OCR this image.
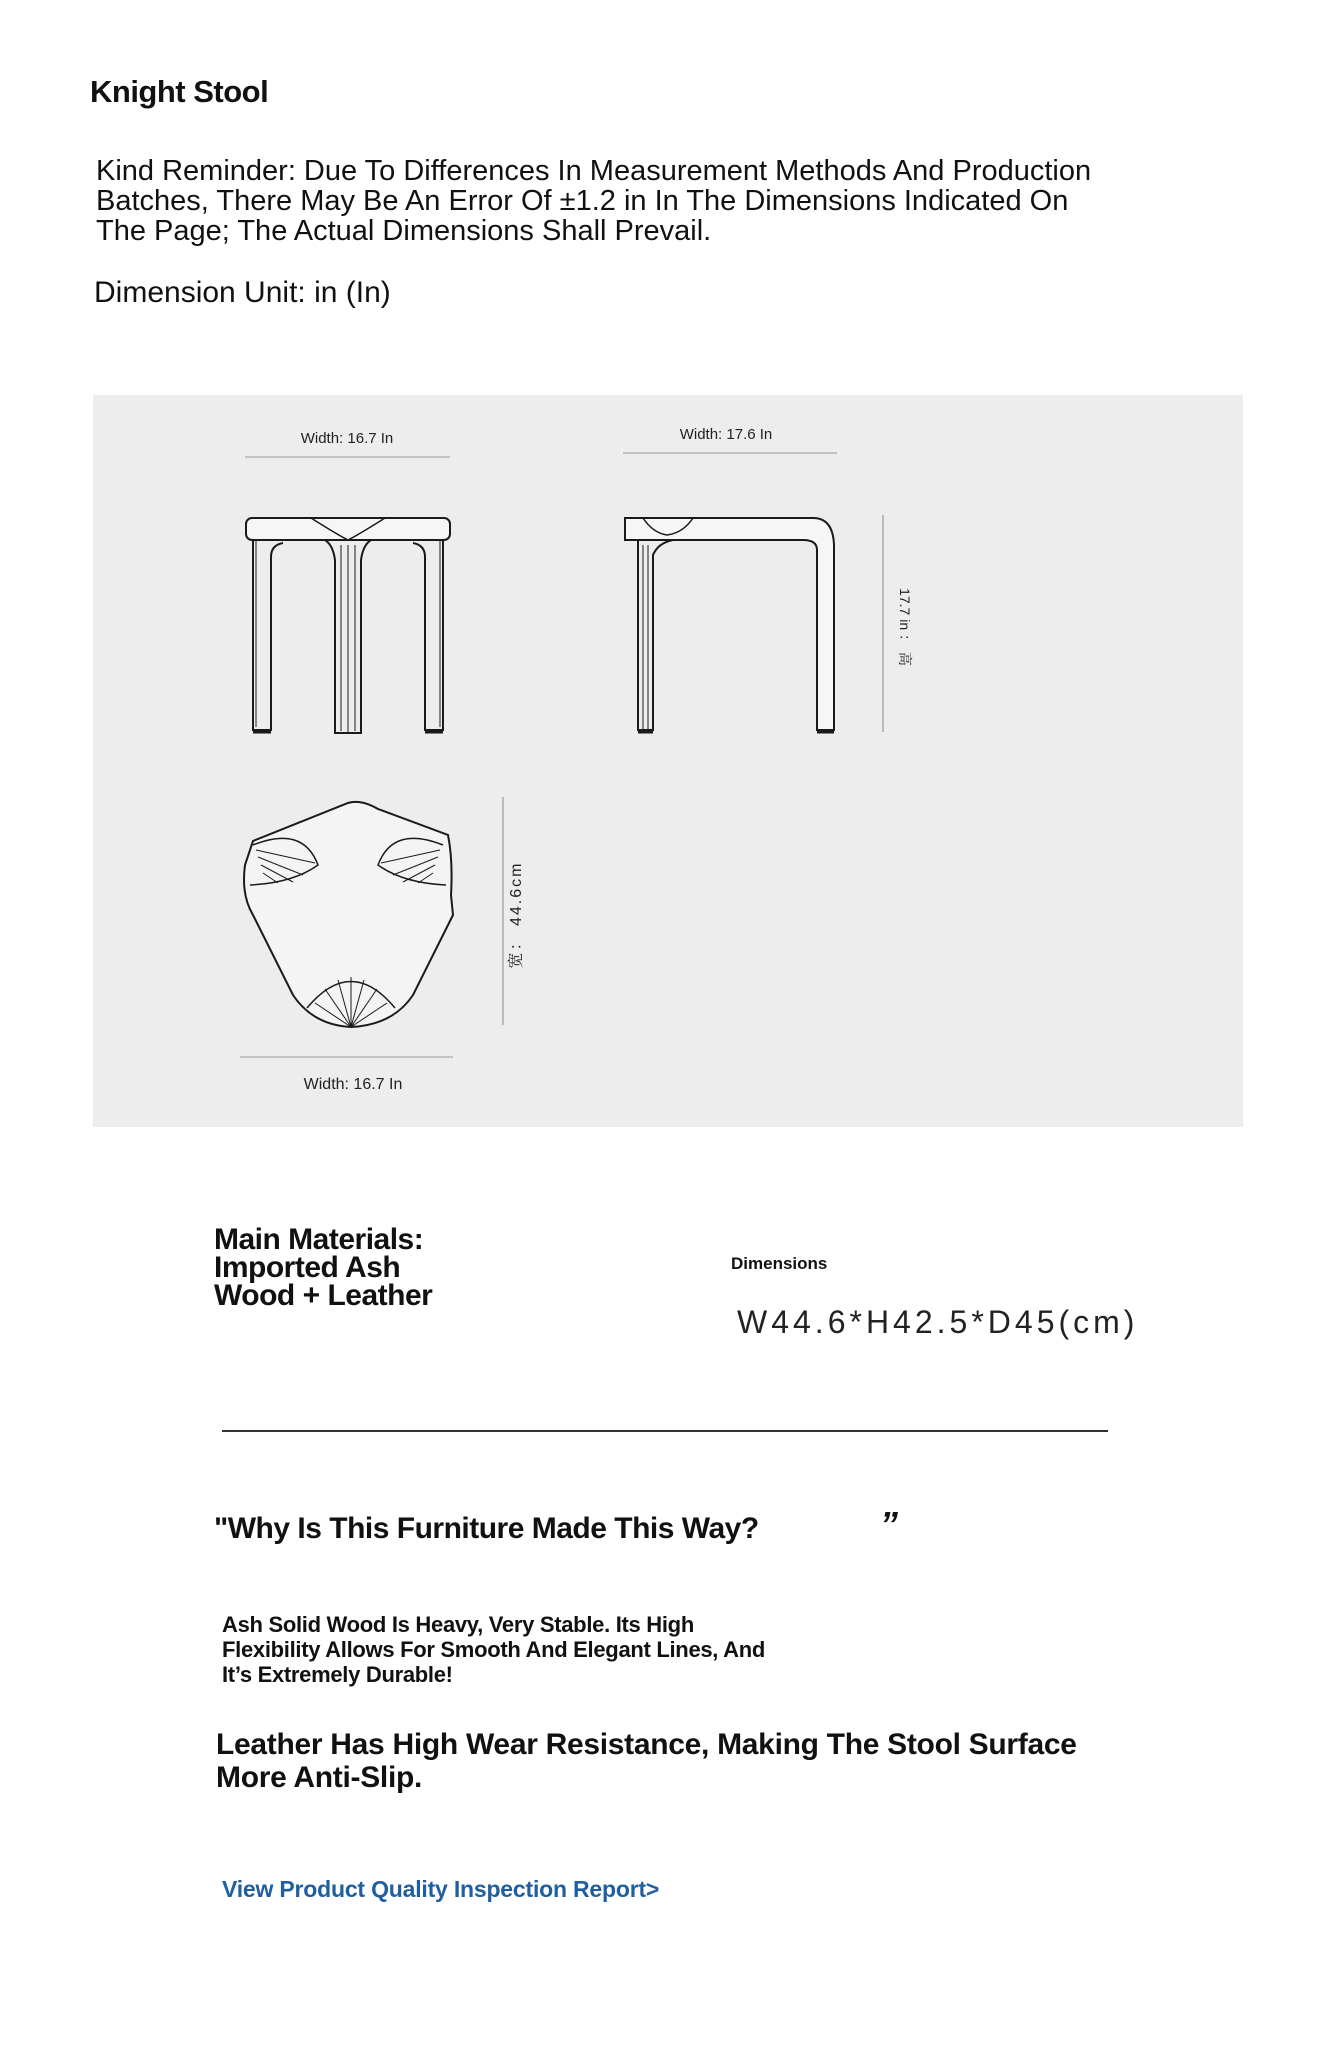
Knight Stool
Kind Reminder: Due To Differences In Measurement Methods And Production Batches, There May Be An Error Of ±1.2 in In The Dimensions Indicated On The Page; The Actual Dimensions Shall Prevail.
Dimension Unit: in (In)
Width: 16.7 In	Width: 17.6 In
17.7 in ： 高
宽： 44.6cm
Width: 16.7 In
Main Materials: Imported Ash Wood + Leather
Dimensions
W44.6*H42.5*D45(cm)
"Why Is This Furniture Made This Way?	”
Ash Solid Wood Is Heavy, Very Stable. Its High Flexibility Allows For Smooth And Elegant Lines, And It’s Extremely Durable!
Leather Has High Wear Resistance, Making The Stool Surface More Anti-Slip.
View Product Quality Inspection Report>
